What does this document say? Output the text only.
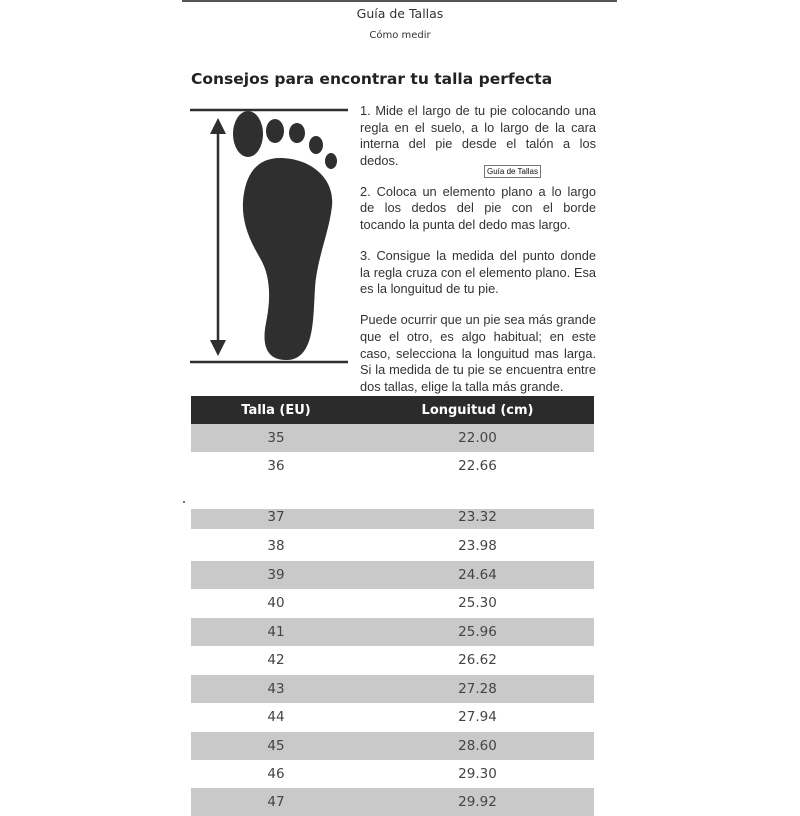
Guía de Tallas
Cómo medir
Consejos para encontrar tu talla perfecta

1. Mide el largo de tu pie colocando una regla en el suelo, a lo largo de la cara interna del pie desde el talón a los dedos.

2. Coloca un elemento plano a lo largo de los dedos del pie con el borde tocando la punta del dedo mas largo.

3. Consigue la medida del punto donde la regla cruza con el elemento plano. Esa es la longuitud de tu pie.

Puede ocurrir que un pie sea más grande que el otro, es algo habitual; en este caso, selecciona la longuitud mas larga. Si la medida de tu pie se encuentra entre dos tallas, elige la talla más grande.

Guía de Tallas
Talla (EU)	Longuitud (cm)
35	22.00
36	22.66
37	23.32
38	23.98
39	24.64
40	25.30
41	25.96
42	26.62
43	27.28
44	27.94
45	28.60
46	29.30
47	29.92
